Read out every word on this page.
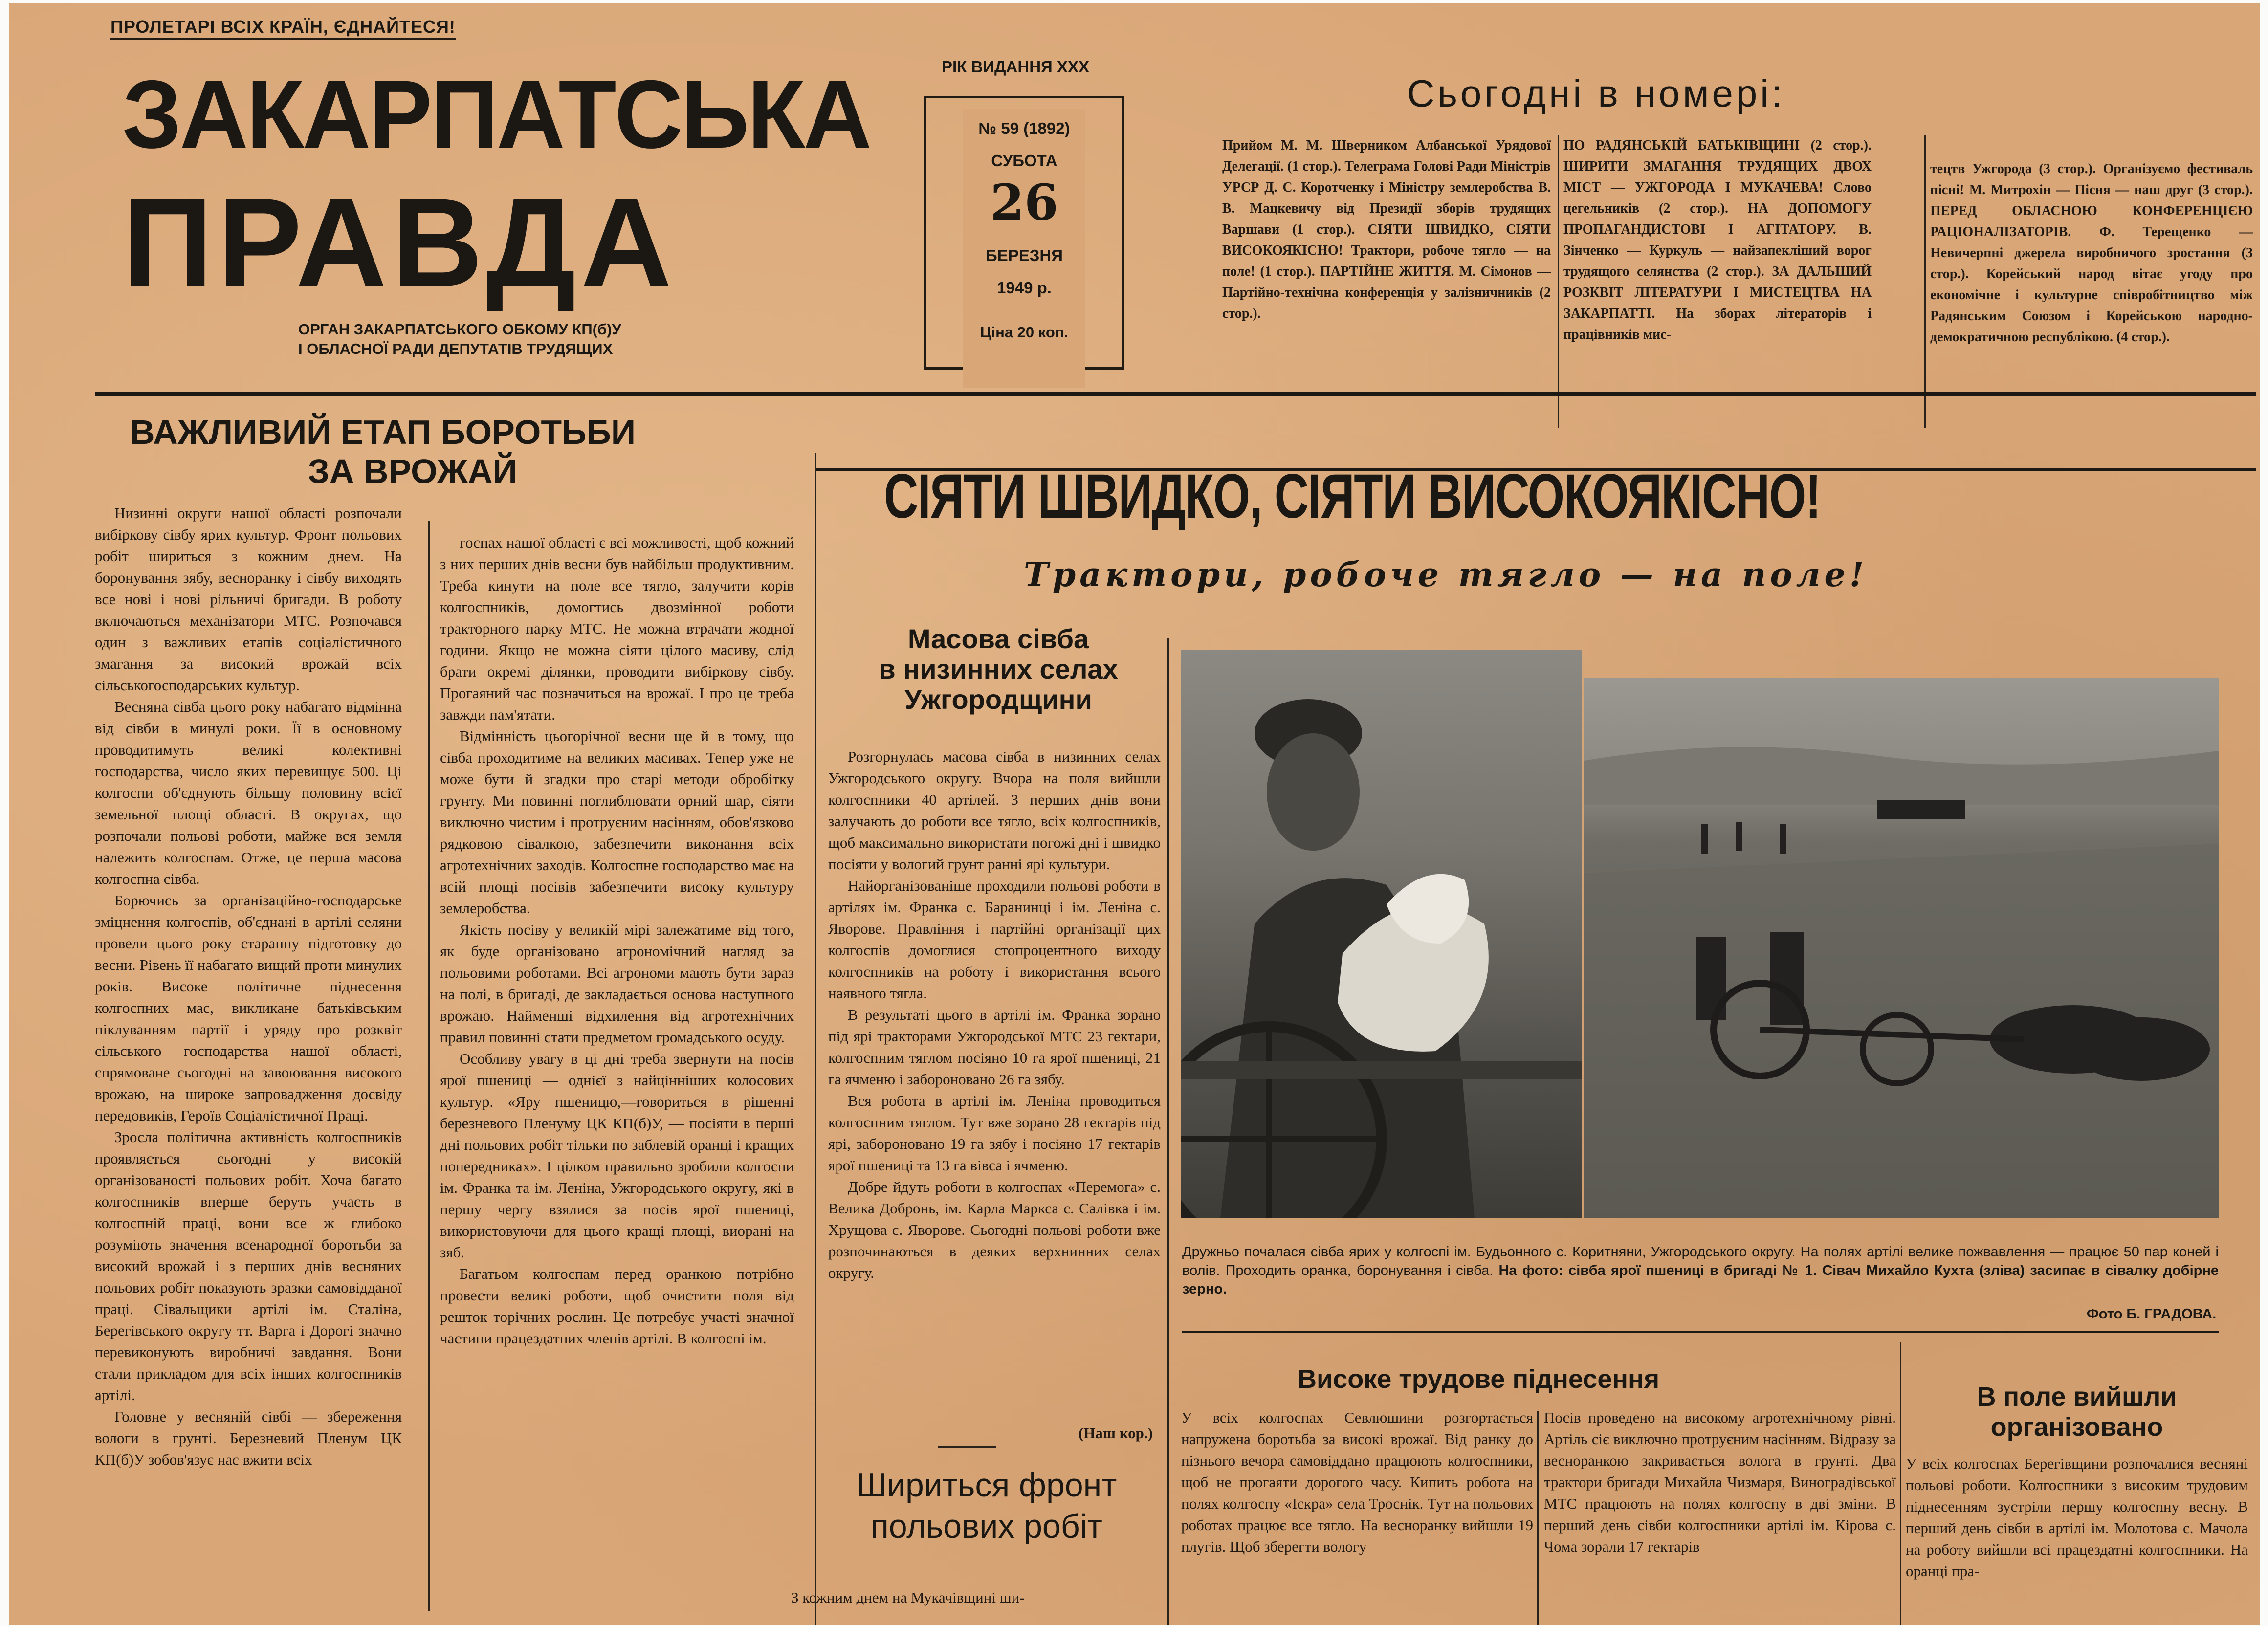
ПРОЛЕТАРІ ВСІХ КРАЇН, ЄДНАЙТЕСЯ!
ЗАКАРПАТСЬКА
ПРАВДА
ОРГАН ЗАКАРПАТСЬКОГО ОБКОМУ КП(б)У
І ОБЛАСНОЇ РАДИ ДЕПУТАТІВ ТРУДЯЩИХ
РІК ВИДАННЯ XXX
№ 59 (1892)
СУБОТА
26
БЕРЕЗНЯ
1949 р.
Ціна 20 коп.
Сьогодні в номері:
Прийом М. М. Шверником Албанської Урядової Делегації. (1 стор.). Телеграма Голові Ради Міністрів УРСР Д. С. Коротченку і Міністру землеробства В. В. Мацкевичу від Президії зборів трудящих Варшави (1 стор.). СІЯТИ ШВИДКО, СІЯТИ ВИСОКОЯКІСНО! Трактори, робоче тягло — на поле! (1 стор.). ПАРТІЙНЕ ЖИТТЯ. М. Сімонов — Партійно-технічна конференція у залізничників (2 стор.).
ПО РАДЯНСЬКІЙ БАТЬКІВЩИНІ (2 стор.). ШИРИТИ ЗМАГАННЯ ТРУДЯЩИХ ДВОХ МІСТ — УЖГОРОДА І МУКАЧЕВА! Слово цегельників (2 стор.). НА ДОПОМОГУ ПРОПАГАНДИСТОВІ І АГІТАТОРУ. В. Зінченко — Куркуль — найзапекліший ворог трудящого селянства (2 стор.). ЗА ДАЛЬШИЙ РОЗКВІТ ЛІТЕРАТУРИ І МИСТЕЦТВА НА ЗАКАРПАТТІ. На зборах літераторів і працівників мис-
тецтв Ужгорода (3 стор.). Організуємо фестиваль пісні! М. Митрохін — Пісня — наш друг (3 стор.). ПЕРЕД ОБЛАСНОЮ КОНФЕРЕНЦІЄЮ РАЦІОНАЛІЗАТОРІВ. Ф. Терещенко — Невичерпні джерела виробничого зростання (3 стор.). Корейський народ вітає угоду про економічне і культурне співробітництво між Радянським Союзом і Корейською народно-демократичною республікою. (4 стор.).
ВАЖЛИВИЙ ЕТАП БОРОТЬБИ
ЗА ВРОЖАЙ

Низинні округи нашої області розпочали вибіркову сівбу ярих культур. Фронт польових робіт шириться з кожним днем. На боронування зябу, весноранку і сівбу виходять все нові і нові рільничі бригади. В роботу включаються механізатори МТС. Розпочався один з важливих етапів соціалістичного змагання за високий врожай всіх сільськогосподарських культур.

Весняна сівба цього року набагато відмінна від сівби в минулі роки. Її в основному проводитимуть великі колективні господарства, число яких перевищує 500. Ці колгоспи об'єднують більшу половину всієї земельної площі області. В округах, що розпочали польові роботи, майже вся земля належить колгоспам. Отже, це перша масова колгоспна сівба.

Борючись за організаційно-господарське зміцнення колгоспів, об'єднані в артілі селяни провели цього року старанну підготовку до весни. Рівень її набагато вищий проти минулих років. Високе політичне піднесення колгоспних мас, викликане батьківським піклуванням партії і уряду про розквіт сільського господарства нашої області, спрямоване сьогодні на завоювання високого врожаю, на широке запровадження досвіду передовиків, Героїв Соціалістичної Праці.

Зросла політична активність колгоспників проявляється сьогодні у високій організованості польових робіт. Хоча багато колгоспників вперше беруть участь в колгоспній праці, вони все ж глибоко розуміють значення всенародної боротьби за високий врожай і з перших днів весняних польових робіт показують зразки самовідданої праці. Сівальщики артілі ім. Сталіна, Берегівського округу тт. Варга і Дорогі значно перевиконують виробничі завдання. Вони стали прикладом для всіх інших колгоспників артілі.

Головне у весняній сівбі — збереження вологи в грунті. Березневий Пленум ЦК КП(б)У зобов'язує нас вжити всіх

госпах нашої області є всі можливості, щоб кожний з них перших днів весни був найбільш продуктивним. Треба кинути на поле все тягло, залучити корів колгоспників, домогтись двозмінної роботи тракторного парку МТС. Не можна втрачати жодної години. Якщо не можна сіяти цілого масиву, слід брати окремі ділянки, проводити вибіркову сівбу. Прогаяний час позначиться на врожаї. І про це треба завжди пам'ятати.

Відмінність цьогорічної весни ще й в тому, що сівба проходитиме на великих масивах. Тепер уже не може бути й згадки про старі методи обробітку грунту. Ми повинні поглиблювати орний шар, сіяти виключно чистим і протруєним насінням, обов'язково рядковою сівалкою, забезпечити виконання всіх агротехнічних заходів. Колгоспне господарство має на всій площі посівів забезпечити високу культуру землеробства.

Якість посіву у великій мірі залежатиме від того, як буде організовано агрономічний нагляд за польовими роботами. Всі агрономи мають бути зараз на полі, в бригаді, де закладається основа наступного врожаю. Найменші відхилення від агротехнічних правил повинні стати предметом громадського осуду.

Особливу увагу в ці дні треба звернути на посів ярої пшениці — однієї з найцінніших колосових культур. «Яру пшеницю,—говориться в рішенні березневого Пленуму ЦК КП(б)У, — посіяти в перші дні польових робіт тільки по заблевій оранці і кращих попередниках». І цілком правильно зробили колгоспи ім. Франка та ім. Леніна, Ужгородського округу, які в першу чергу взялися за посів ярої пшениці, використовуючи для цього кращі площі, виорані на зяб.

Багатьом колгоспам перед оранкою потрібно провести великі роботи, щоб очистити поля від решток торічних рослин. Це потребує участі значної частини працездатних членів артілі. В колгоспі ім.

СІЯТИ ШВИДКО, СІЯТИ ВИСОКОЯКІСНО!
Трактори, робоче тягло — на поле!
Масова сівба
в низинних селах
Ужгородщини

Розгорнулась масова сівба в низинних селах Ужгородського округу. Вчора на поля вийшли колгоспники 40 артілей. З перших днів вони залучають до роботи все тягло, всіх колгоспників, щоб максимально використати погожі дні і швидко посіяти у вологий грунт ранні ярі культури.

Найорганізованіше проходили польові роботи в артілях ім. Франка с. Баранинці і ім. Леніна с. Яворове. Правління і партійні організації цих колгоспів домоглися стопроцентного виходу колгоспників на роботу і використання всього наявного тягла.

В результаті цього в артілі ім. Франка зорано під ярі тракторами Ужгородської МТС 23 гектари, колгоспним тяглом посіяно 10 га ярої пшениці, 21 га ячменю і забороновано 26 га зябу.

Вся робота в артілі ім. Леніна проводиться колгоспним тяглом. Тут вже зорано 28 гектарів під ярі, заборонованo 19 га зябу і посіяно 17 гектарів ярої пшениці та 13 га вівса і ячменю.

Добре йдуть роботи в колгоспах «Перемога» с. Велика Добронь, ім. Карла Маркса с. Салівка і ім. Хрущова с. Яворове. Сьогодні польові роботи вже розпочинаються в деяких верхнинних селах округу.

(Наш кор.)
Шириться фронт
польових робіт
З кожним днем на Мукачівщині ши-
Дружньо почалася сівба ярих у колгоспі ім. Будьонного с. Коритняни, Ужгородського округу. На полях артілі велике пожвавлення — працює 50 пар коней і волів. Проходить оранка, боронування і сівба. На фото: сівба ярої пшениці в бригаді № 1. Сівач Михайло Кухта (зліва) засипає в сівалку добірне зерно.
Фото Б. ГРАДОВА.
Високе трудове піднесення
У всіх колгоспах Севлюшини розгортається напружена боротьба за високі врожаї. Від ранку до пізнього вечора самовіддано працюють колгоспники, щоб не прогаяти дорогого часу. Кипить робота на полях колгоспу «Іскра» села Троснік. Тут на польових роботах працює все тягло. На весноранку вийшли 19 плугів. Щоб зберегти вологу
Посів проведено на високому агротехнічному рівні. Артіль сіє виключно протруєним насінням. Відразу за весноранкою закривається волога в грунті. Два трактори бригади Михайла Чизмаря, Виноградівської МТС працюють на полях колгоспу в дві зміни. В перший день сівби колгоспники артілі ім. Кірова с. Чома зорали 17 гектарів
В поле вийшли
організовано
У всіх колгоспах Берегівщини розпочалися весняні польові роботи. Колгоспники з високим трудовим піднесенням зустріли першу колгоспну весну. В перший день сівби в артілі ім. Молотова с. Мачола на роботу вийшли всі працездатні колгоспники. На оранці пра-
